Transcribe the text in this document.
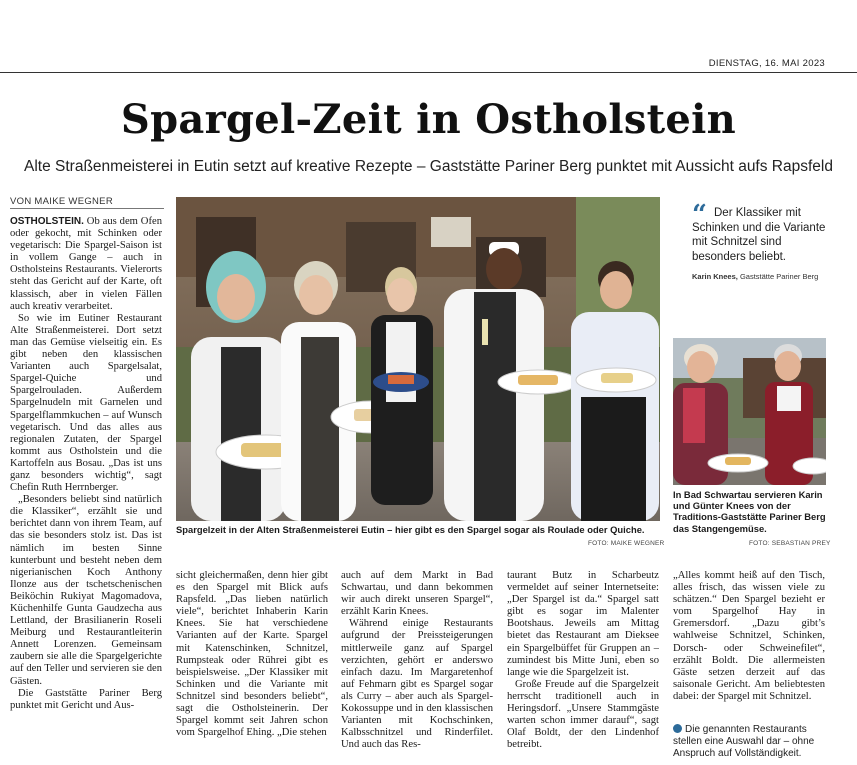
DIENSTAG, 16. MAI 2023
Spargel-Zeit in Ostholstein
Alte Straßenmeisterei in Eutin setzt auf kreative Rezepte – Gaststätte Pariner Berg punktet mit Aussicht aufs Rapsfeld
VON MAIKE WEGNER

OSTHOLSTEIN. Ob aus dem Ofen oder gekocht, mit Schinken oder vegetarisch: Die Spargel-Saison ist in vollem Gange – auch in Ostholsteins Restaurants. Vielerorts steht das Gericht auf der Karte, oft klassisch, aber in vielen Fällen auch kreativ verarbeitet.

So wie im Eutiner Restaurant Alte Straßenmeisterei. Dort setzt man das Gemüse vielseitig ein. Es gibt neben den klassischen Varianten auch Spargelsalat, Spargel-Quiche und Spargelrouladen. Außerdem Spargelnudeln mit Garnelen und Spargelflammkuchen – auf Wunsch vegetarisch. Und das alles aus regionalen Zutaten, der Spargel kommt aus Ostholstein und die Kartoffeln aus Bosau. „Das ist uns ganz besonders wichtig“, sagt Chefin Ruth Herrnberger.

„Besonders beliebt sind natürlich die Klassiker“, erzählt sie und berichtet dann von ihrem Team, auf das sie besonders stolz ist. Das ist nämlich im besten Sinne kunterbunt und besteht neben dem nigerianischen Koch Anthony Ilonze aus der tschetschenischen Beiköchin Rukiyat Magomadova, Küchenhilfe Gunta Gaudzecha aus Lettland, der Brasilianerin Roseli Meiburg und Restaurantleiterin Annett Lorenzen. Gemeinsam zaubern sie alle die Spargelgerichte auf den Teller und servieren sie den Gästen.

Die Gaststätte Pariner Berg punktet mit Gericht und Aus-

Spargelzeit in der Alten Straßenmeisterei Eutin – hier gibt es den Spargel sogar als Roulade oder Quiche.
FOTO: MAIKE WEGNER
“ Der Klassiker mit Schinken und die Variante mit Schnitzel sind besonders beliebt.
Karin Knees, Gaststätte Pariner Berg
In Bad Schwartau servieren Karin und Günter Knees von der Traditions-Gaststätte Pariner Berg das Stangengemüse.
FOTO: SEBASTIAN PREY

sicht gleichermaßen, denn hier gibt es den Spargel mit Blick aufs Rapsfeld. „Das lieben natürlich viele“, berichtet Inhaberin Karin Knees. Sie hat verschiedene Varianten auf der Karte. Spargel mit Katenschinken, Schnitzel, Rumpsteak oder Rührei gibt es beispielsweise. „Der Klassiker mit Schinken und die Variante mit Schnitzel sind besonders beliebt“, sagt die Ostholsteinerin. Der Spargel kommt seit Jahren schon vom Spargelhof Ehing. „Die stehen

auch auf dem Markt in Bad Schwartau, und dann bekommen wir auch direkt unseren Spargel“, erzählt Karin Knees.

Während einige Restaurants aufgrund der Preissteigerungen mittlerweile ganz auf Spargel verzichten, gehört er anderswo einfach dazu. Im Margaretenhof auf Fehmarn gibt es Spargel sogar als Curry – aber auch als Spargel-Kokossuppe und in den klassischen Varianten mit Kochschinken, Kalbsschnitzel und Rinderfilet. Und auch das Res-

taurant Butz in Scharbeutz vermeldet auf seiner Internetseite: „Der Spargel ist da.“ Spargel satt gibt es sogar im Malenter Bootshaus. Jeweils am Mittag bietet das Restaurant am Dieksee ein Spargelbüffet für Gruppen an – zumindest bis Mitte Juni, eben so lange wie die Spargelzeit ist.

Große Freude auf die Spargelzeit herrscht traditionell auch in Heringsdorf. „Unsere Stammgäste warten schon immer darauf“, sagt Olaf Boldt, der den Lindenhof betreibt.

„Alles kommt heiß auf den Tisch, alles frisch, das wissen viele zu schätzen.“ Den Spargel bezieht er vom Spargelhof Hay in Gremersdorf. „Dazu gibt’s wahlweise Schnitzel, Schinken, Dorsch- oder Schweinefilet“, erzählt Boldt. Die allermeisten Gäste setzen derzeit auf das saisonale Gericht. Am beliebtesten dabei: der Spargel mit Schnitzel.

Die genannten Restaurants stellen eine Auswahl dar – ohne Anspruch auf Vollständigkeit.
